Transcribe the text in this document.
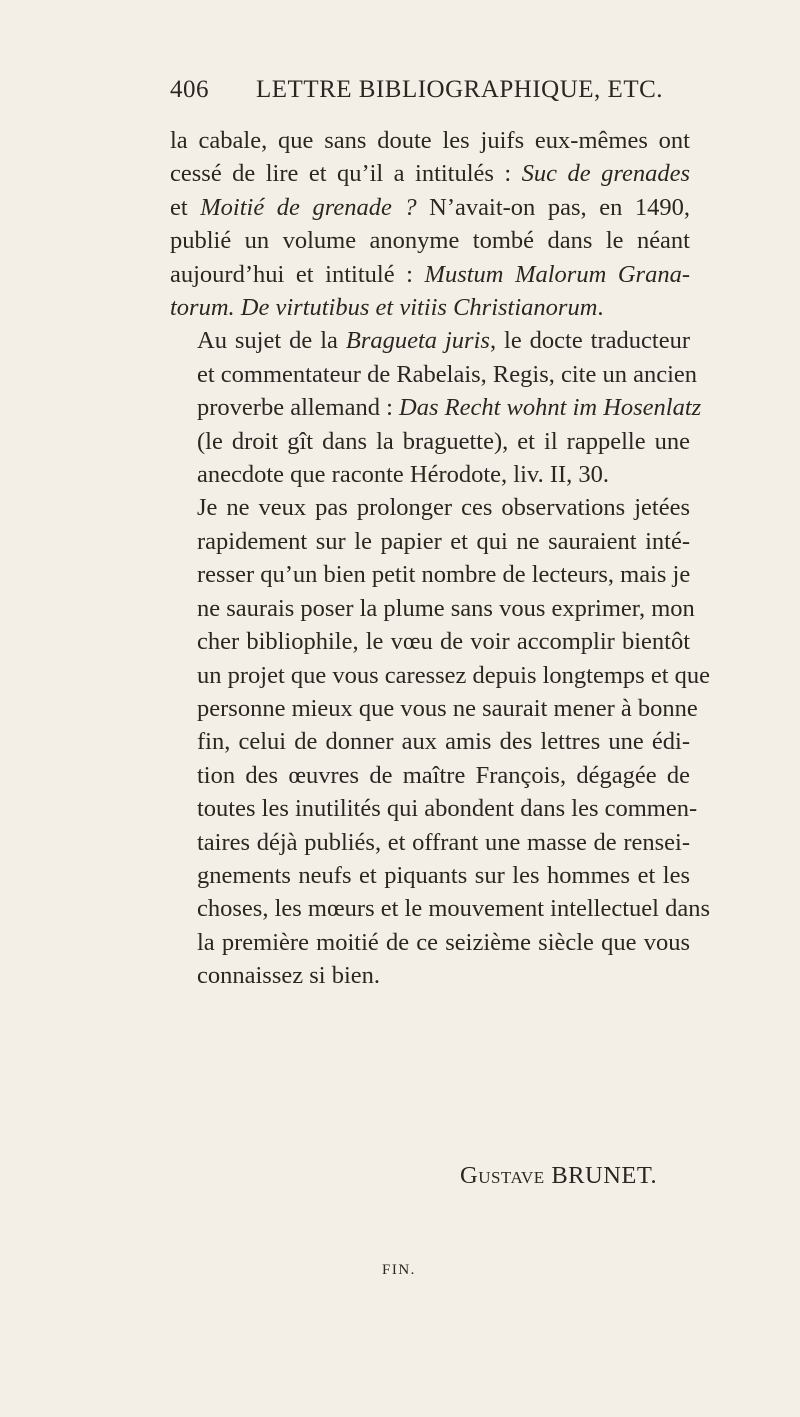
406 LETTRE BIBLIOGRAPHIQUE, ETC.

la cabale, que sans doute les juifs eux-mêmes ont
cessé de lire et qu’il a intitulés : Suc de grenades
et Moitié de grenade ? N’avait-on pas, en 1490,
publié un volume anonyme tombé dans le néant
aujourd’hui et intitulé : Mustum Malorum Grana-
torum. De virtutibus et vitiis Christianorum.

Au sujet de la Bragueta juris, le docte traducteur
et commentateur de Rabelais, Regis, cite un ancien
proverbe allemand : Das Recht wohnt im Hosenlatz
(le droit gît dans la braguette), et il rappelle une
anecdote que raconte Hérodote, liv. II, 30.

Je ne veux pas prolonger ces observations jetées
rapidement sur le papier et qui ne sauraient inté-
resser qu’un bien petit nombre de lecteurs, mais je
ne saurais poser la plume sans vous exprimer, mon
cher bibliophile, le vœu de voir accomplir bientôt
un projet que vous caressez depuis longtemps et que
personne mieux que vous ne saurait mener à bonne
fin, celui de donner aux amis des lettres une édi-
tion des œuvres de maître François, dégagée de
toutes les inutilités qui abondent dans les commen-
taires déjà publiés, et offrant une masse de rensei-
gnements neufs et piquants sur les hommes et les
choses, les mœurs et le mouvement intellectuel dans
la première moitié de ce seizième siècle que vous
connaissez si bien.

Gustave BRUNET.
FIN.
